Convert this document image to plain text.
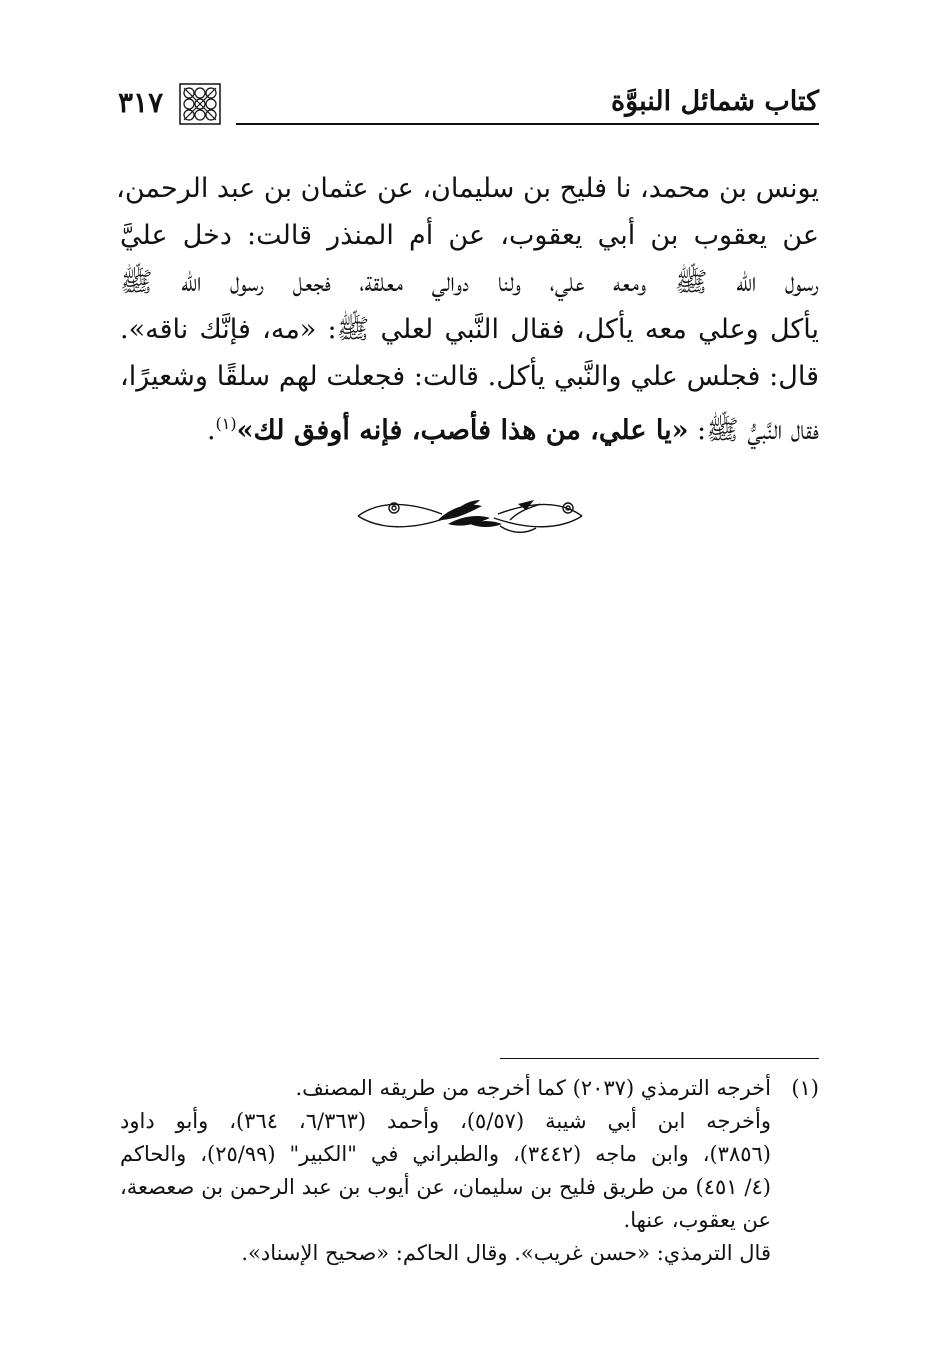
كتاب شمائل النبوَّة
٣١٧
يونس بن محمد، نا فليح بن سليمان، عن عثمان بن عبد الرحمن،
عن يعقوب بن أبي يعقوب، عن أم المنذر قالت: دخل عليَّ
رسول الله ﷺ ومعه علي، ولنا دوالي معلقة، فجعل رسول الله ﷺ
يأكل وعلي معه يأكل، فقال النَّبي لعلي ﷺ: «مه، فإنَّك ناقه».
قال: فجلس علي والنَّبي يأكل. قالت: فجعلت لهم سلقًا وشعيرًا،
فقال النَّبيُّ ﷺ: «يا علي، من هذا فأصب، فإنه أوفق لك»$^{(١)}$.
(١)أخرجه الترمذي (٢٠٣٧) كما أخرجه من طريقه المصنف.
وأخرجه ابن أبي شيبة (٥/٥٧)، وأحمد (٦/٣٦٣، ٣٦٤)، وأبو داود
(٣٨٥٦)، وابن ماجه (٣٤٤٢)، والطبراني في "الكبير" (٢٥/٩٩)، والحاكم
(٤/ ٤٥١) من طريق فليح بن سليمان، عن أيوب بن عبد الرحمن بن صعصعة،
عن يعقوب، عنها.
قال الترمذي: «حسن غريب». وقال الحاكم: «صحيح الإسناد».
